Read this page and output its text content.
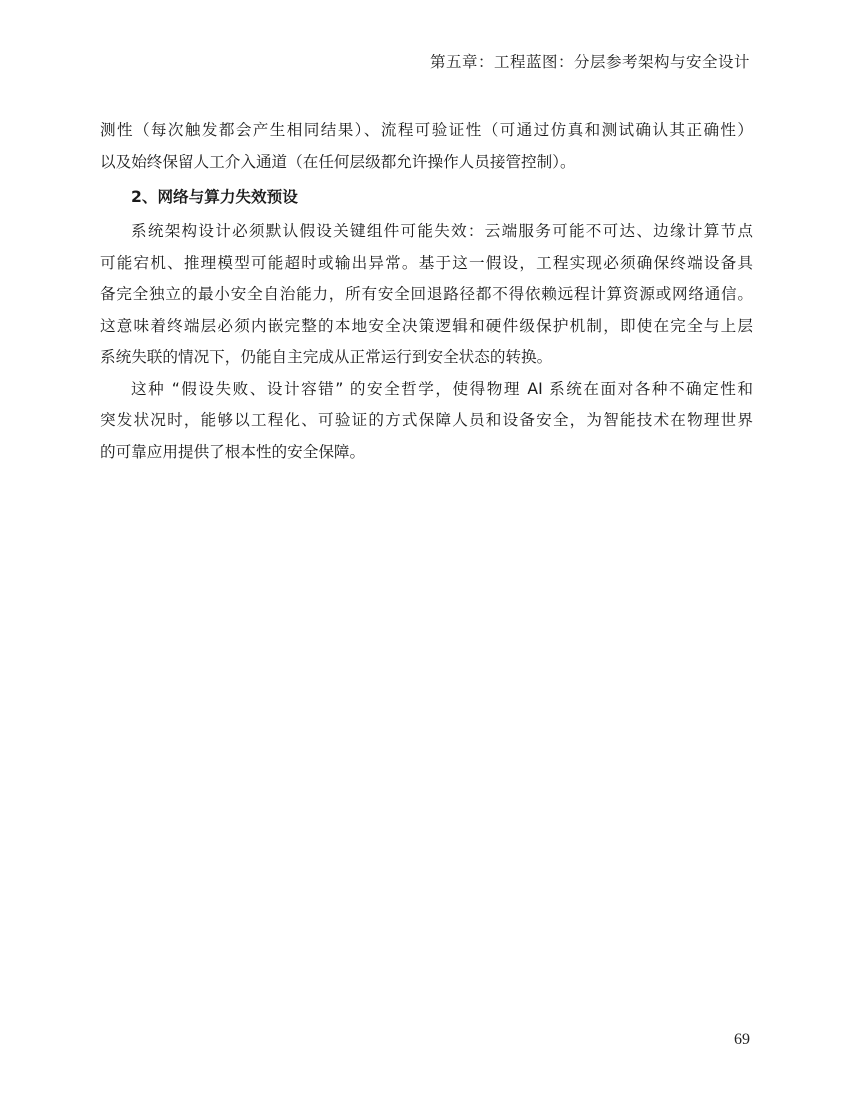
第五章：工程蓝图：分层参考架构与安全设计
测性（每次触发都会产生相同结果）、流程可验证性（可通过仿真和测试确认其正确性）
以及始终保留人工介入通道（在任何层级都允许操作人员接管控制）。
2、网络与算力失效预设
系统架构设计必须默认假设关键组件可能失效：云端服务可能不可达、边缘计算节点
可能宕机、推理模型可能超时或输出异常。基于这一假设，工程实现必须确保终端设备具
备完全独立的最小安全自治能力，所有安全回退路径都不得依赖远程计算资源或网络通信。
这意味着终端层必须内嵌完整的本地安全决策逻辑和硬件级保护机制，即使在完全与上层
系统失联的情况下，仍能自主完成从正常运行到安全状态的转换。
这种 “假设失败、设计容错” 的安全哲学，使得物理 AI 系统在面对各种不确定性和
突发状况时，能够以工程化、可验证的方式保障人员和设备安全，为智能技术在物理世界
的可靠应用提供了根本性的安全保障。
69
